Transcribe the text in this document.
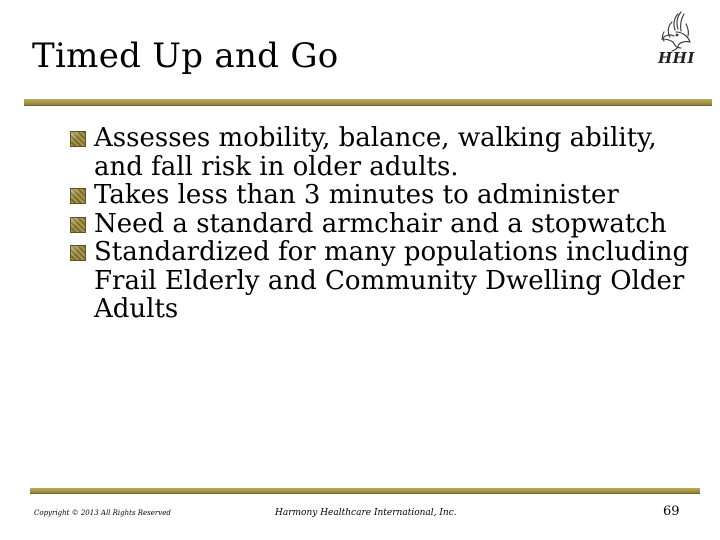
Timed Up and Go	HHI
Assesses mobility, balance, walking ability, and fall risk in older adults.
Takes less than 3 minutes to administer
Need a standard armchair and a stopwatch
Standardized for many populations including Frail Elderly and Community Dwelling Older Adults
Copyright © 2013 All Rights Reserved	Harmony Healthcare International, Inc.	69
